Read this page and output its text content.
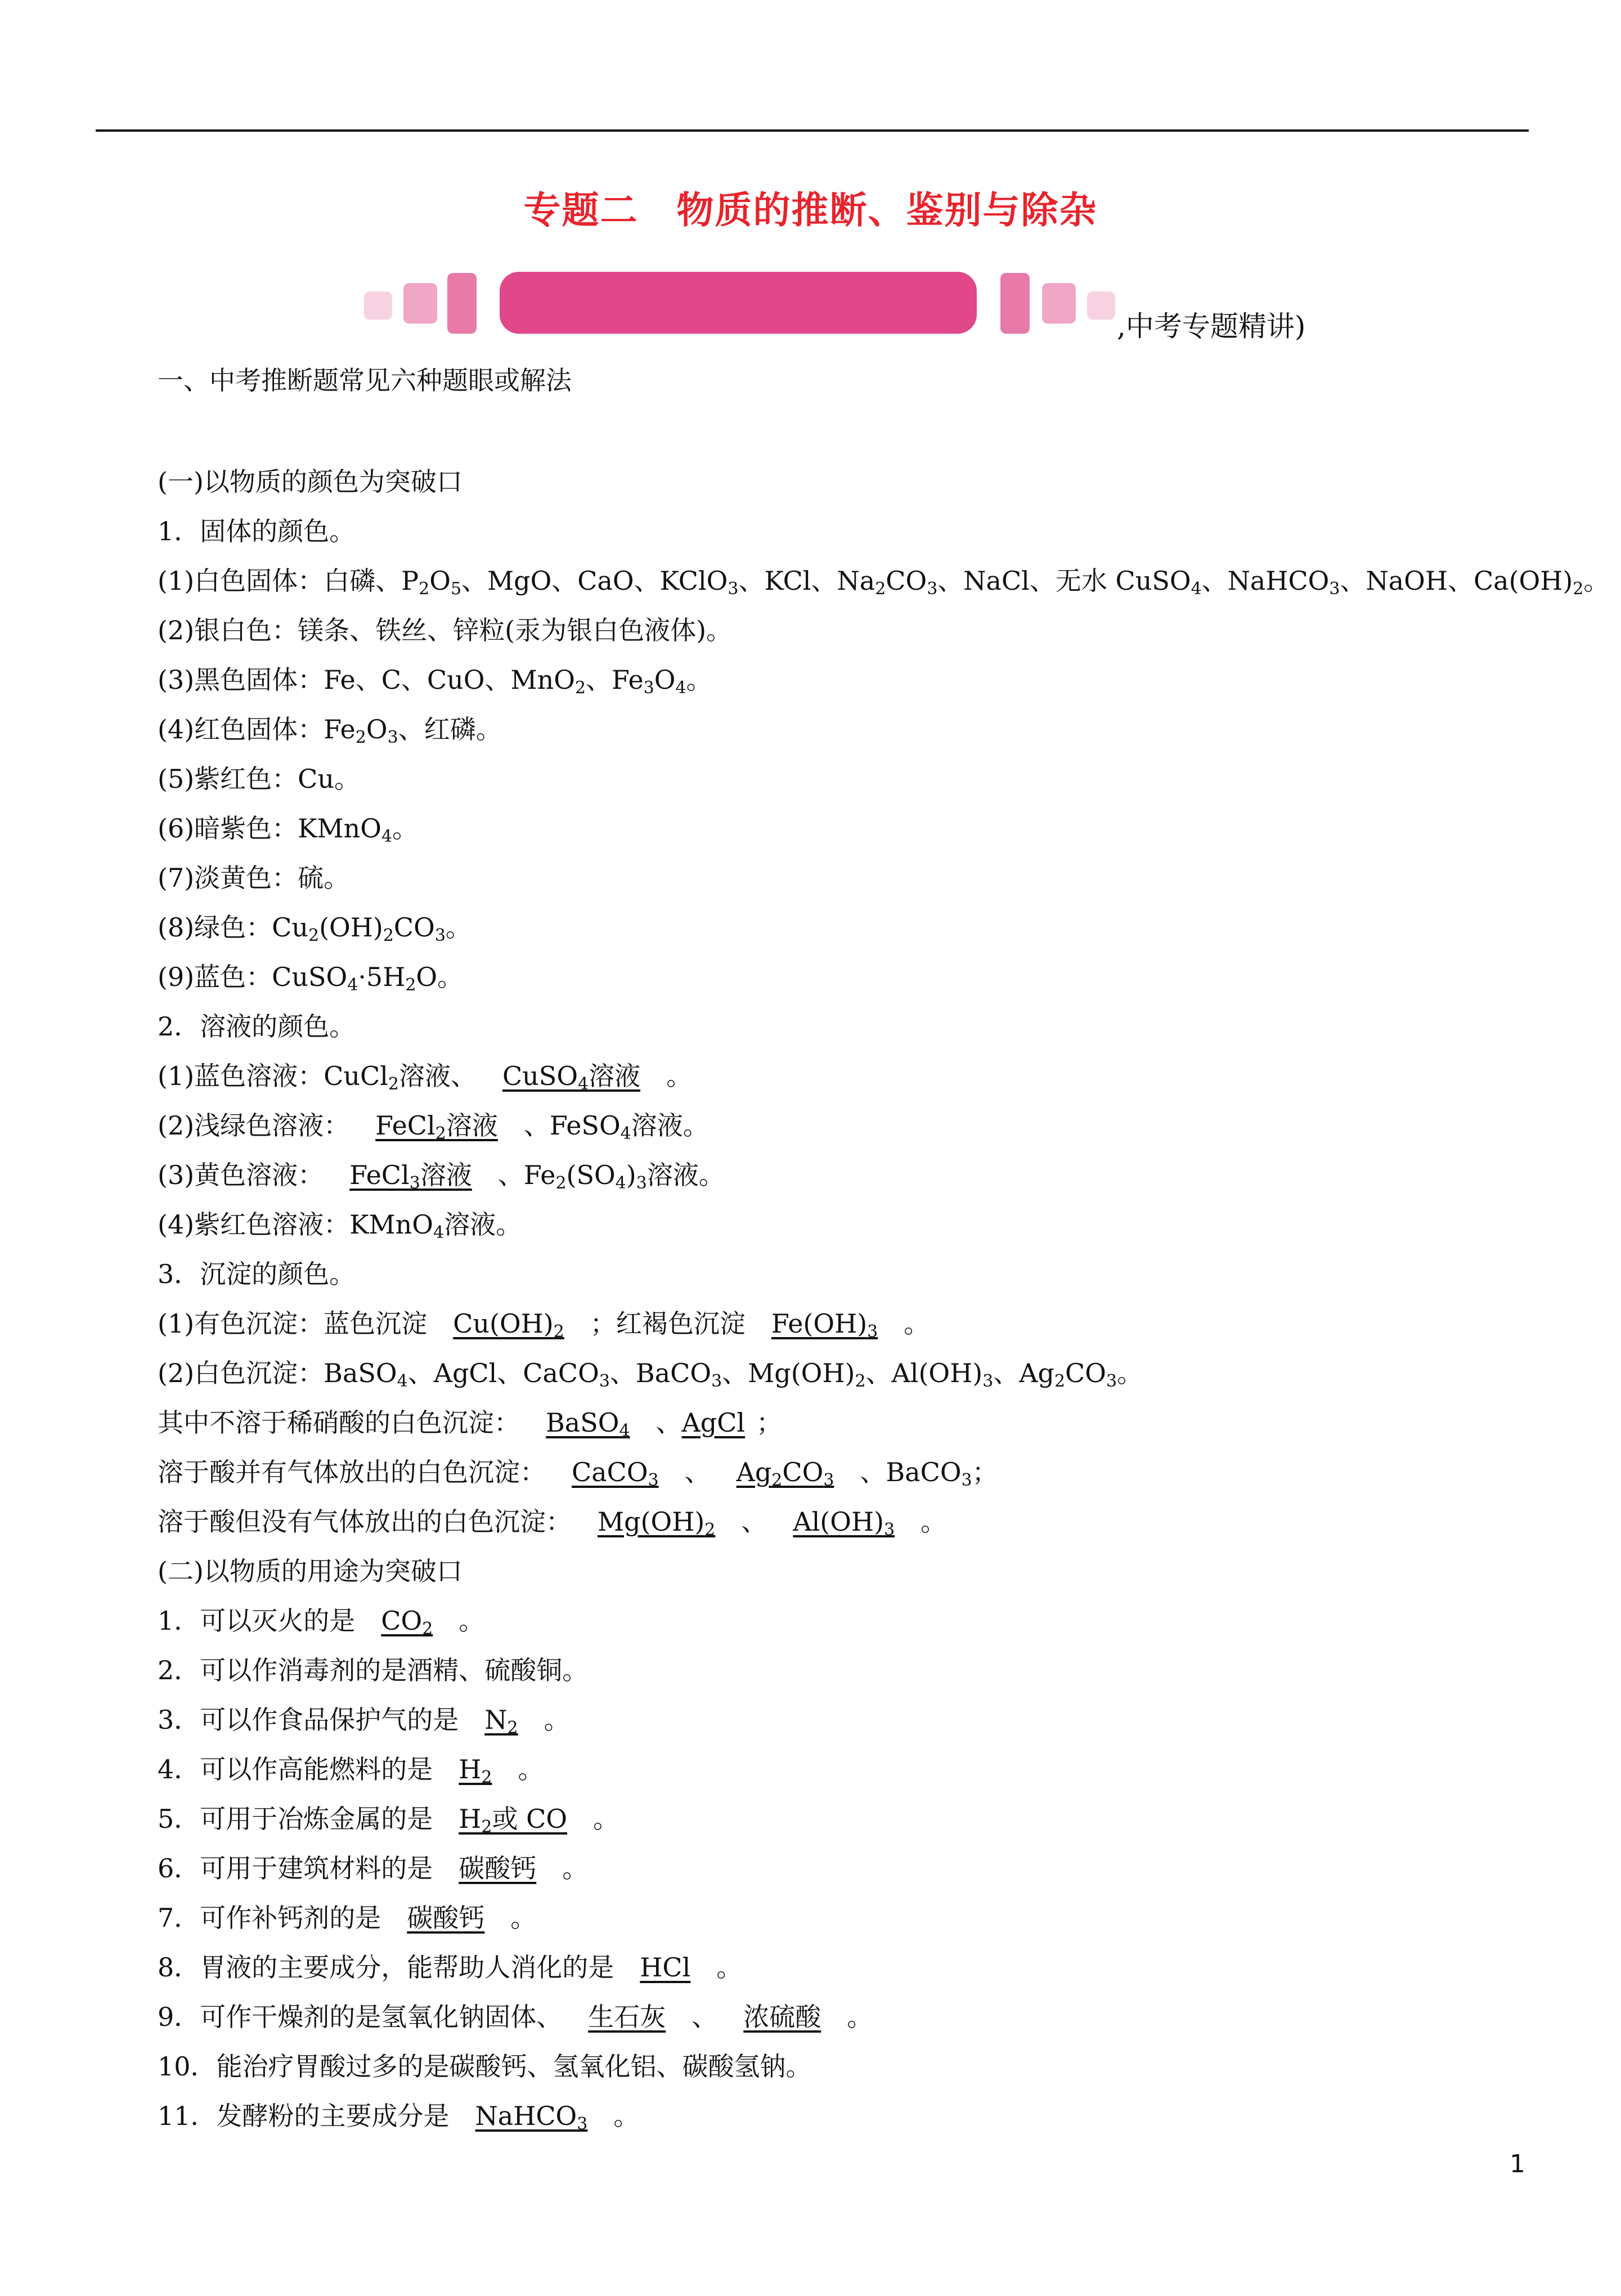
专题二　物质的推断、鉴别与除杂
,中考专题精讲)
一、中考推断题常见六种题眼或解法
(一)以物质的颜色为突破口
1．固体的颜色。
(1)白色固体：白磷、$P_2O_5$、MgO、CaO、KClO$_3$、KCl、$Na_2CO_3$、NaCl、无水 CuSO$_4$、NaHCO$_3$、NaOH、$Ca(OH)_2$。
(2)银白色：镁条、铁丝、锌粒(汞为银白色液体)。
(3)黑色固体：Fe、C、CuO、MnO$_2$、$Fe_3O_4$。
(4)红色固体：$Fe_2O_3$、红磷。
(5)紫红色：Cu。
(6)暗紫色：KMnO$_4$。
(7)淡黄色：硫。
(8)绿色：$Cu_2(OH)_2CO_3$。
(9)蓝色：$CuSO_4\cdot 5H_2O$。
2．溶液的颜色。
(1)蓝色溶液：CuCl$_2$溶液、 CuSO$_4$溶液 。
(2)浅绿色溶液： FeCl$_2$溶液 、FeSO$_4$溶液。
(3)黄色溶液： FeCl$_3$溶液 、$Fe_2(SO_4)_3$溶液。
(4)紫红色溶液：KMnO$_4$溶液。
3．沉淀的颜色。
(1)有色沉淀：蓝色沉淀 $Cu(OH)_2$ ；红褐色沉淀 $Fe(OH)_3$ 。
(2)白色沉淀：BaSO$_4$、AgCl、CaCO$_3$、BaCO$_3$、$Mg(OH)_2$、$Al(OH)_3$、$Ag_2CO_3$。
其中不溶于稀硝酸的白色沉淀： BaSO$_4$ 、AgCl ；
溶于酸并有气体放出的白色沉淀： CaCO$_3$ 、 $Ag_2CO_3$ 、BaCO$_3$；
溶于酸但没有气体放出的白色沉淀： $Mg(OH)_2$ 、 $Al(OH)_3$ 。
(二)以物质的用途为突破口
1．可以灭火的是 $CO_2$ 。
2．可以作消毒剂的是酒精、硫酸铜。
3．可以作食品保护气的是 $N_2$ 。
4．可以作高能燃料的是 $H_2$ 。
5．可用于冶炼金属的是 $H_2$或 CO 。
6．可用于建筑材料的是 碳酸钙 。
7．可作补钙剂的是 碳酸钙 。
8．胃液的主要成分，能帮助人消化的是 HCl 。
9．可作干燥剂的是氢氧化钠固体、 生石灰 、 浓硫酸 。
10．能治疗胃酸过多的是碳酸钙、氢氧化铝、碳酸氢钠。
11．发酵粉的主要成分是 NaHCO$_3$ 。
1
